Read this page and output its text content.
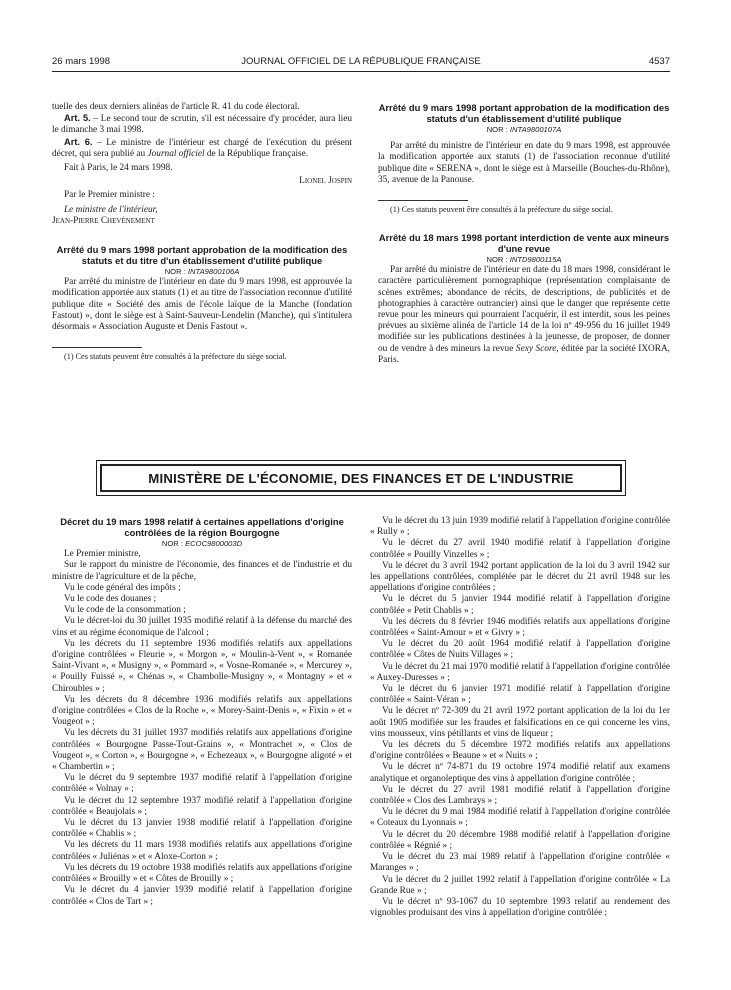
26 mars 1998	JOURNAL OFFICIEL DE LA RÉPUBLIQUE FRANÇAISE	4537

tuelle des deux derniers alinéas de l'article R. 41 du code électoral.

Art. 5. – Le second tour de scrutin, s'il est nécessaire d'y procéder, aura lieu le dimanche 3 mai 1998.

Art. 6. – Le ministre de l'intérieur est chargé de l'exécution du présent décret, qui sera publié au Journal officiel de la République française.

Fait à Paris, le 24 mars 1998.

Lionel Jospin

Par le Premier ministre :

Le ministre de l'intérieur,

Jean-Pierre Chevènement

Arrêté du 9 mars 1998 portant approbation de la modification des statuts et du titre d'un établissement d'utilité publique

NOR : INTA9800106A

Par arrêté du ministre de l'intérieur en date du 9 mars 1998, est approuvée la modification apportée aux statuts (1) et au titre de l'association reconnue d'utilité publique dite « Société des amis de l'école laïque de la Manche (fondation Fastout) », dont le siège est à Saint-Sauveur-Lendelin (Manche), qui s'intitulera désormais « Association Auguste et Denis Fastout ».

(1) Ces statuts peuvent être consultés à la préfecture du siège social.

Arrêté du 9 mars 1998 portant approbation de la modification des statuts d'un établissement d'utilité publique

NOR : INTA9800107A

Par arrêté du ministre de l'intérieur en date du 9 mars 1998, est approuvée la modification apportée aux statuts (1) de l'association reconnue d'utilité publique dite « SERENA », dont le siège est à Marseille (Bouches-du-Rhône), 35, avenue de la Panouse.

(1) Ces statuts peuvent être consultés à la préfecture du siège social.

Arrêté du 18 mars 1998 portant interdiction de vente aux mineurs d'une revue

NOR : INTD9800115A

Par arrêté du ministre de l'intérieur en date du 18 mars 1998, considérant le caractère particulièrement pornographique (représentation complaisante de scènes extrêmes; abondance de récits, de descriptions, de publicités et de photographies à caractère outrancier) ainsi que le danger que représente cette revue pour les mineurs qui pourraient l'acquérir, il est interdit, sous les peines prévues au sixième alinéa de l'article 14 de la loi nº 49-956 du 16 juillet 1949 modifiée sur les publications destinées à la jeunesse, de proposer, de donner ou de vendre à des mineurs la revue Sexy Score, éditée par la société IXORA, Paris.

MINISTÈRE DE L'ÉCONOMIE, DES FINANCES ET DE L'INDUSTRIE

Décret du 19 mars 1998 relatif à certaines appellations d'origine contrôlées de la région Bourgogne

NOR : ECOC9800003D

Le Premier ministre,

Sur le rapport du ministre de l'économie, des finances et de l'industrie et du ministre de l'agriculture et de la pêche,

Vu le code général des impôts ;

Vu le code des douanes ;

Vu le code de la consommation ;

Vu le décret-loi du 30 juillet 1935 modifié relatif à la défense du marché des vins et au régime économique de l'alcool ;

Vu les décrets du 11 septembre 1936 modifiés relatifs aux appellations d'origine contrôlées « Fleurie », « Morgon », « Moulin-à-Vent », « Romanée Saint-Vivant », « Musigny », « Pommard », « Vosne-Romanée », « Mercurey », « Pouilly Fuissé », « Chénas », « Chambolle-Musigny », « Montagny » et « Chiroubles » ;

Vu les décrets du 8 décembre 1936 modifiés relatifs aux appellations d'origine contrôlées « Clos de la Roche », « Morey-Saint-Denis », « Fixin » et « Vougeot » ;

Vu les décrets du 31 juillet 1937 modifiés relatifs aux appellations d'origine contrôlées « Bourgogne Passe-Tout-Grains », « Montrachet », « Clos de Vougeot », « Corton », « Bourgogne », « Echezeaux », « Bourgogne aligoté » et « Chambertin » ;

Vu le décret du 9 septembre 1937 modifié relatif à l'appellation d'origine contrôlée « Volnay » ;

Vu le décret du 12 septembre 1937 modifié relatif à l'appellation d'origine contrôlée « Beaujolais » ;

Vu le décret du 13 janvier 1938 modifié relatif à l'appellation d'origine contrôlée « Chablis » ;

Vu les décrets du 11 mars 1938 modifiés relatifs aux appellations d'origine contrôlées « Juliénas » et « Aloxe-Corton » ;

Vu les décrets du 19 octobre 1938 modifiés relatifs aux appellations d'origine contrôlées « Brouilly » et « Côtes de Brouilly » ;

Vu le décret du 4 janvier 1939 modifié relatif à l'appellation d'origine contrôlée « Clos de Tart » ;

Vu le décret du 13 juin 1939 modifié relatif à l'appellation d'origine contrôlée « Rully » ;

Vu le décret du 27 avril 1940 modifié relatif à l'appellation d'origine contrôlée « Pouilly Vinzelles » ;

Vu le décret du 3 avril 1942 portant application de la loi du 3 avril 1942 sur les appellations contrôlées, complétée par le décret du 21 avril 1948 sur les appellations d'origine contrôlées ;

Vu le décret du 5 janvier 1944 modifié relatif à l'appellation d'origine contrôlée « Petit Chablis » ;

Vu les décrets du 8 février 1946 modifiés relatifs aux appellations d'origine contrôlées « Saint-Amour » et « Givry » ;

Vu le décret du 20 août 1964 modifié relatif à l'appellation d'origine contrôlée « Côtes de Nuits Villages » ;

Vu le décret du 21 mai 1970 modifié relatif à l'appellation d'origine contrôlée « Auxey-Duresses » ;

Vu le décret du 6 janvier 1971 modifié relatif à l'appellation d'origine contrôlée « Saint-Véran » ;

Vu le décret nº 72-309 du 21 avril 1972 portant application de la loi du 1er août 1905 modifiée sur les fraudes et falsifications en ce qui concerne les vins, vins mousseux, vins pétillants et vins de liqueur ;

Vu les décrets du 5 décembre 1972 modifiés relatifs aux appellations d'origine contrôlées « Beaune » et « Nuits » ;

Vu le décret nº 74-871 du 19 octobre 1974 modifié relatif aux examens analytique et organoleptique des vins à appellation d'origine contrôlée ;

Vu le décret du 27 avril 1981 modifié relatif à l'appellation d'origine contrôlée « Clos des Lambrays » ;

Vu le décret du 9 mai 1984 modifié relatif à l'appellation d'origine contrôlée « Coteaux du Lyonnais » ;

Vu le décret du 20 décembre 1988 modifié relatif à l'appellation d'origine contrôlée « Régnié » ;

Vu le décret du 23 mai 1989 relatif à l'appellation d'origine contrôlée « Maranges » ;

Vu le décret du 2 juillet 1992 relatif à l'appellation d'origine contrôlée « La Grande Rue » ;

Vu le décret nº 93-1067 du 10 septembre 1993 relatif au rendement des vignobles produisant des vins à appellation d'origine contrôlée ;
